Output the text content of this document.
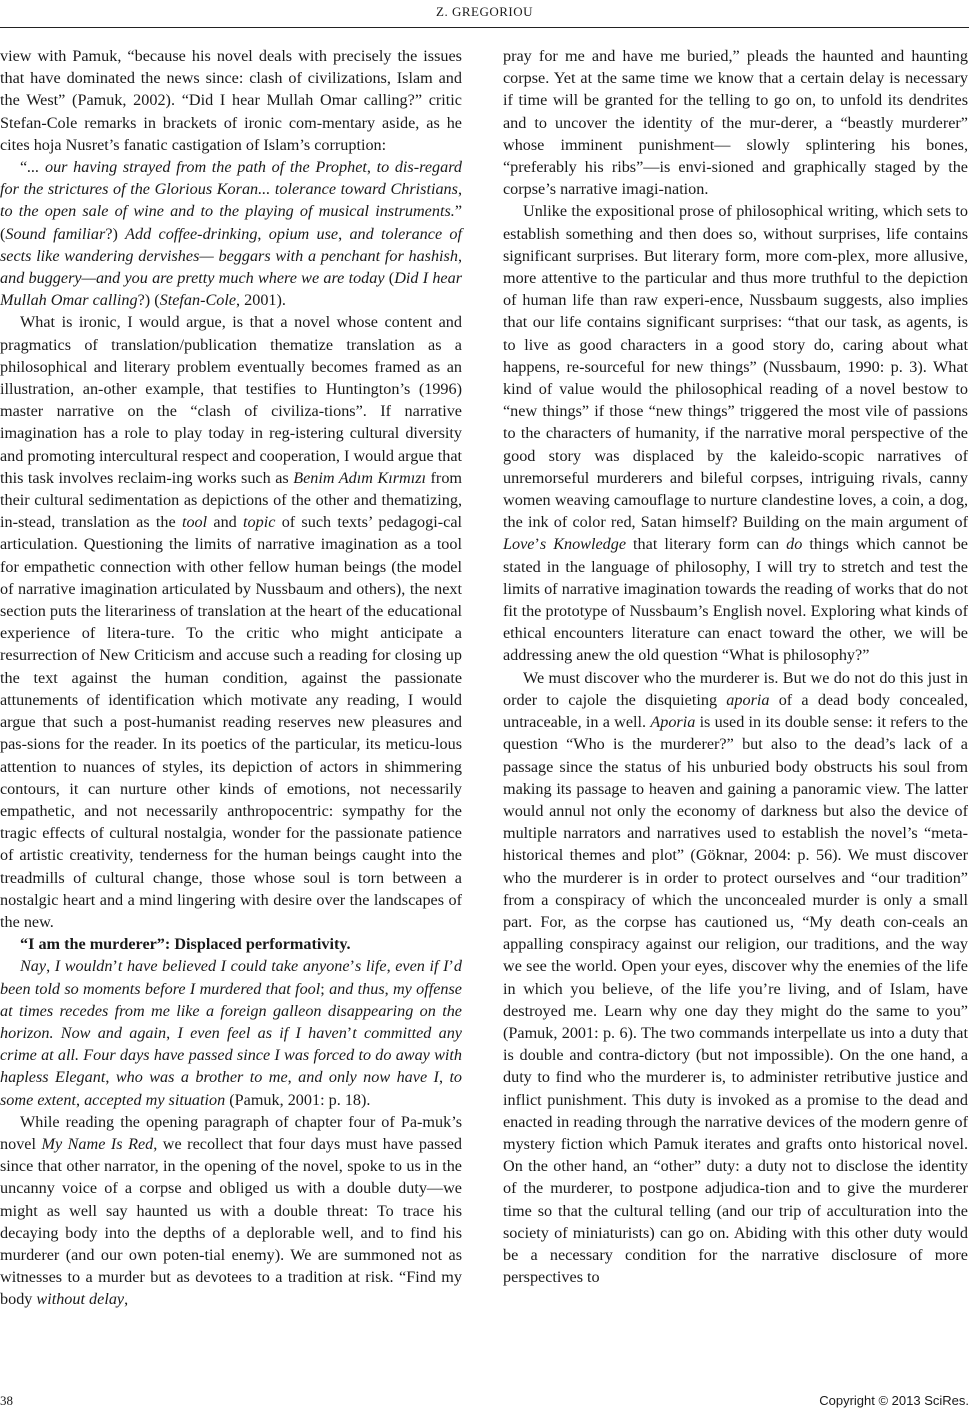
Z. GREGORIOU

view with Pamuk, “because his novel deals with precisely the issues that have dominated the news since: clash of civilizations, Islam and the West” (Pamuk, 2002). “Did I hear Mullah Omar calling?” critic Stefan-Cole remarks in brackets of ironic com-mentary aside, as he cites hoja Nusret’s fanatic castigation of Islam’s corruption:

“... our having strayed from the path of the Prophet, to dis-regard for the strictures of the Glorious Koran... tolerance toward Christians, to the open sale of wine and to the playing of musical instruments.” (Sound familiar?) Add coffee-drinking, opium use, and tolerance of sects like wandering dervishes— beggars with a penchant for hashish, and buggery—and you are pretty much where we are today (Did I hear Mullah Omar calling?) (Stefan-Cole, 2001).

What is ironic, I would argue, is that a novel whose content and pragmatics of translation/publication thematize translation as a philosophical and literary problem eventually becomes framed as an illustration, an-other example, that testifies to Huntington’s (1996) master narrative on the “clash of civiliza-tions”. If narrative imagination has a role to play today in reg-istering cultural diversity and promoting intercultural respect and cooperation, I would argue that this task involves reclaim-ing works such as Benim Adım Kırmızı from their cultural sedimentation as depictions of the other and thematizing, in-stead, translation as the tool and topic of such texts’ pedagogi-cal articulation. Questioning the limits of narrative imagination as a tool for empathetic connection with other fellow human beings (the model of narrative imagination articulated by Nussbaum and others), the next section puts the literariness of translation at the heart of the educational experience of litera-ture. To the critic who might anticipate a resurrection of New Criticism and accuse such a reading for closing up the text against the human condition, against the passionate attunements of identification which motivate any reading, I would argue that such a post-humanist reading reserves new pleasures and pas-sions for the reader. In its poetics of the particular, its meticu-lous attention to nuances of styles, its depiction of actors in shimmering contours, it can nurture other kinds of emotions, not necessarily empathetic, and not necessarily anthropocentric: sympathy for the tragic effects of cultural nostalgia, wonder for the passionate patience of artistic creativity, tenderness for the human beings caught into the treadmills of cultural change, those whose soul is torn between a nostalgic heart and a mind lingering with desire over the landscapes of the new.

“I am the murderer”: Displaced performativity.

Nay, I wouldn’t have believed I could take anyone’s life, even if I’d been told so moments before I murdered that fool; and thus, my offense at times recedes from me like a foreign galleon disappearing on the horizon. Now and again, I even feel as if I haven’t committed any crime at all. Four days have passed since I was forced to do away with hapless Elegant, who was a brother to me, and only now have I, to some extent, accepted my situation (Pamuk, 2001: p. 18).

While reading the opening paragraph of chapter four of Pa-muk’s novel My Name Is Red, we recollect that four days must have passed since that other narrator, in the opening of the novel, spoke to us in the uncanny voice of a corpse and obliged us with a double duty—we might as well say haunted us with a double threat: To trace his decaying body into the depths of a deplorable well, and to find his murderer (and our own poten-tial enemy). We are summoned not as witnesses to a murder but as devotees to a tradition at risk. “Find my body without delay,

pray for me and have me buried,” pleads the haunted and haunting corpse. Yet at the same time we know that a certain delay is necessary if time will be granted for the telling to go on, to unfold its dendrites and to uncover the identity of the mur-derer, a “beastly murderer” whose imminent punishment— slowly splintering his bones, “preferably his ribs”—is envi-sioned and graphically staged by the corpse’s narrative imagi-nation.

Unlike the expositional prose of philosophical writing, which sets to establish something and then does so, without surprises, life contains significant surprises. But literary form, more com-plex, more allusive, more attentive to the particular and thus more truthful to the depiction of human life than raw experi-ence, Nussbaum suggests, also implies that our life contains significant surprises: “that our task, as agents, is to live as good characters in a good story do, caring about what happens, re-sourceful for new things” (Nussbaum, 1990: p. 3). What kind of value would the philosophical reading of a novel bestow to “new things” if those “new things” triggered the most vile of passions to the characters of humanity, if the narrative moral perspective of the good story was displaced by the kaleido-scopic narratives of unremorseful murderers and bileful corpses, intriguing rivals, canny women weaving camouflage to nurture clandestine loves, a coin, a dog, the ink of color red, Satan himself? Building on the main argument of Love’s Knowledge that literary form can do things which cannot be stated in the language of philosophy, I will try to stretch and test the limits of narrative imagination towards the reading of works that do not fit the prototype of Nussbaum’s English novel. Exploring what kinds of ethical encounters literature can enact toward the other, we will be addressing anew the old question “What is philosophy?”

We must discover who the murderer is. But we do not do this just in order to cajole the disquieting aporia of a dead body concealed, untraceable, in a well. Aporia is used in its double sense: it refers to the question “Who is the murderer?” but also to the dead’s lack of a passage since the status of his unburied body obstructs his soul from making its passage to heaven and gaining a panoramic view. The latter would annul not only the economy of darkness but also the device of multiple narrators and narratives used to establish the novel’s “meta-historical themes and plot” (Göknar, 2004: p. 56). We must discover who the murderer is in order to protect ourselves and “our tradition” from a conspiracy of which the unconcealed murder is only a small part. For, as the corpse has cautioned us, “My death con-ceals an appalling conspiracy against our religion, our traditions, and the way we see the world. Open your eyes, discover why the enemies of the life in which you believe, of the life you’re living, and of Islam, have destroyed me. Learn why one day they might do the same to you” (Pamuk, 2001: p. 6). The two commands interpellate us into a duty that is double and contra-dictory (but not impossible). On the one hand, a duty to find who the murderer is, to administer retributive justice and inflict punishment. This duty is invoked as a promise to the dead and enacted in reading through the narrative devices of the modern genre of mystery fiction which Pamuk iterates and grafts onto historical novel. On the other hand, an “other” duty: a duty not to disclose the identity of the murderer, to postpone adjudica-tion and to give the murderer time so that the cultural telling (and our trip of acculturation into the society of miniaturists) can go on. Abiding with this other duty would be a necessary condition for the narrative disclosure of more perspectives to

38	Copyright © 2013 SciRes.
